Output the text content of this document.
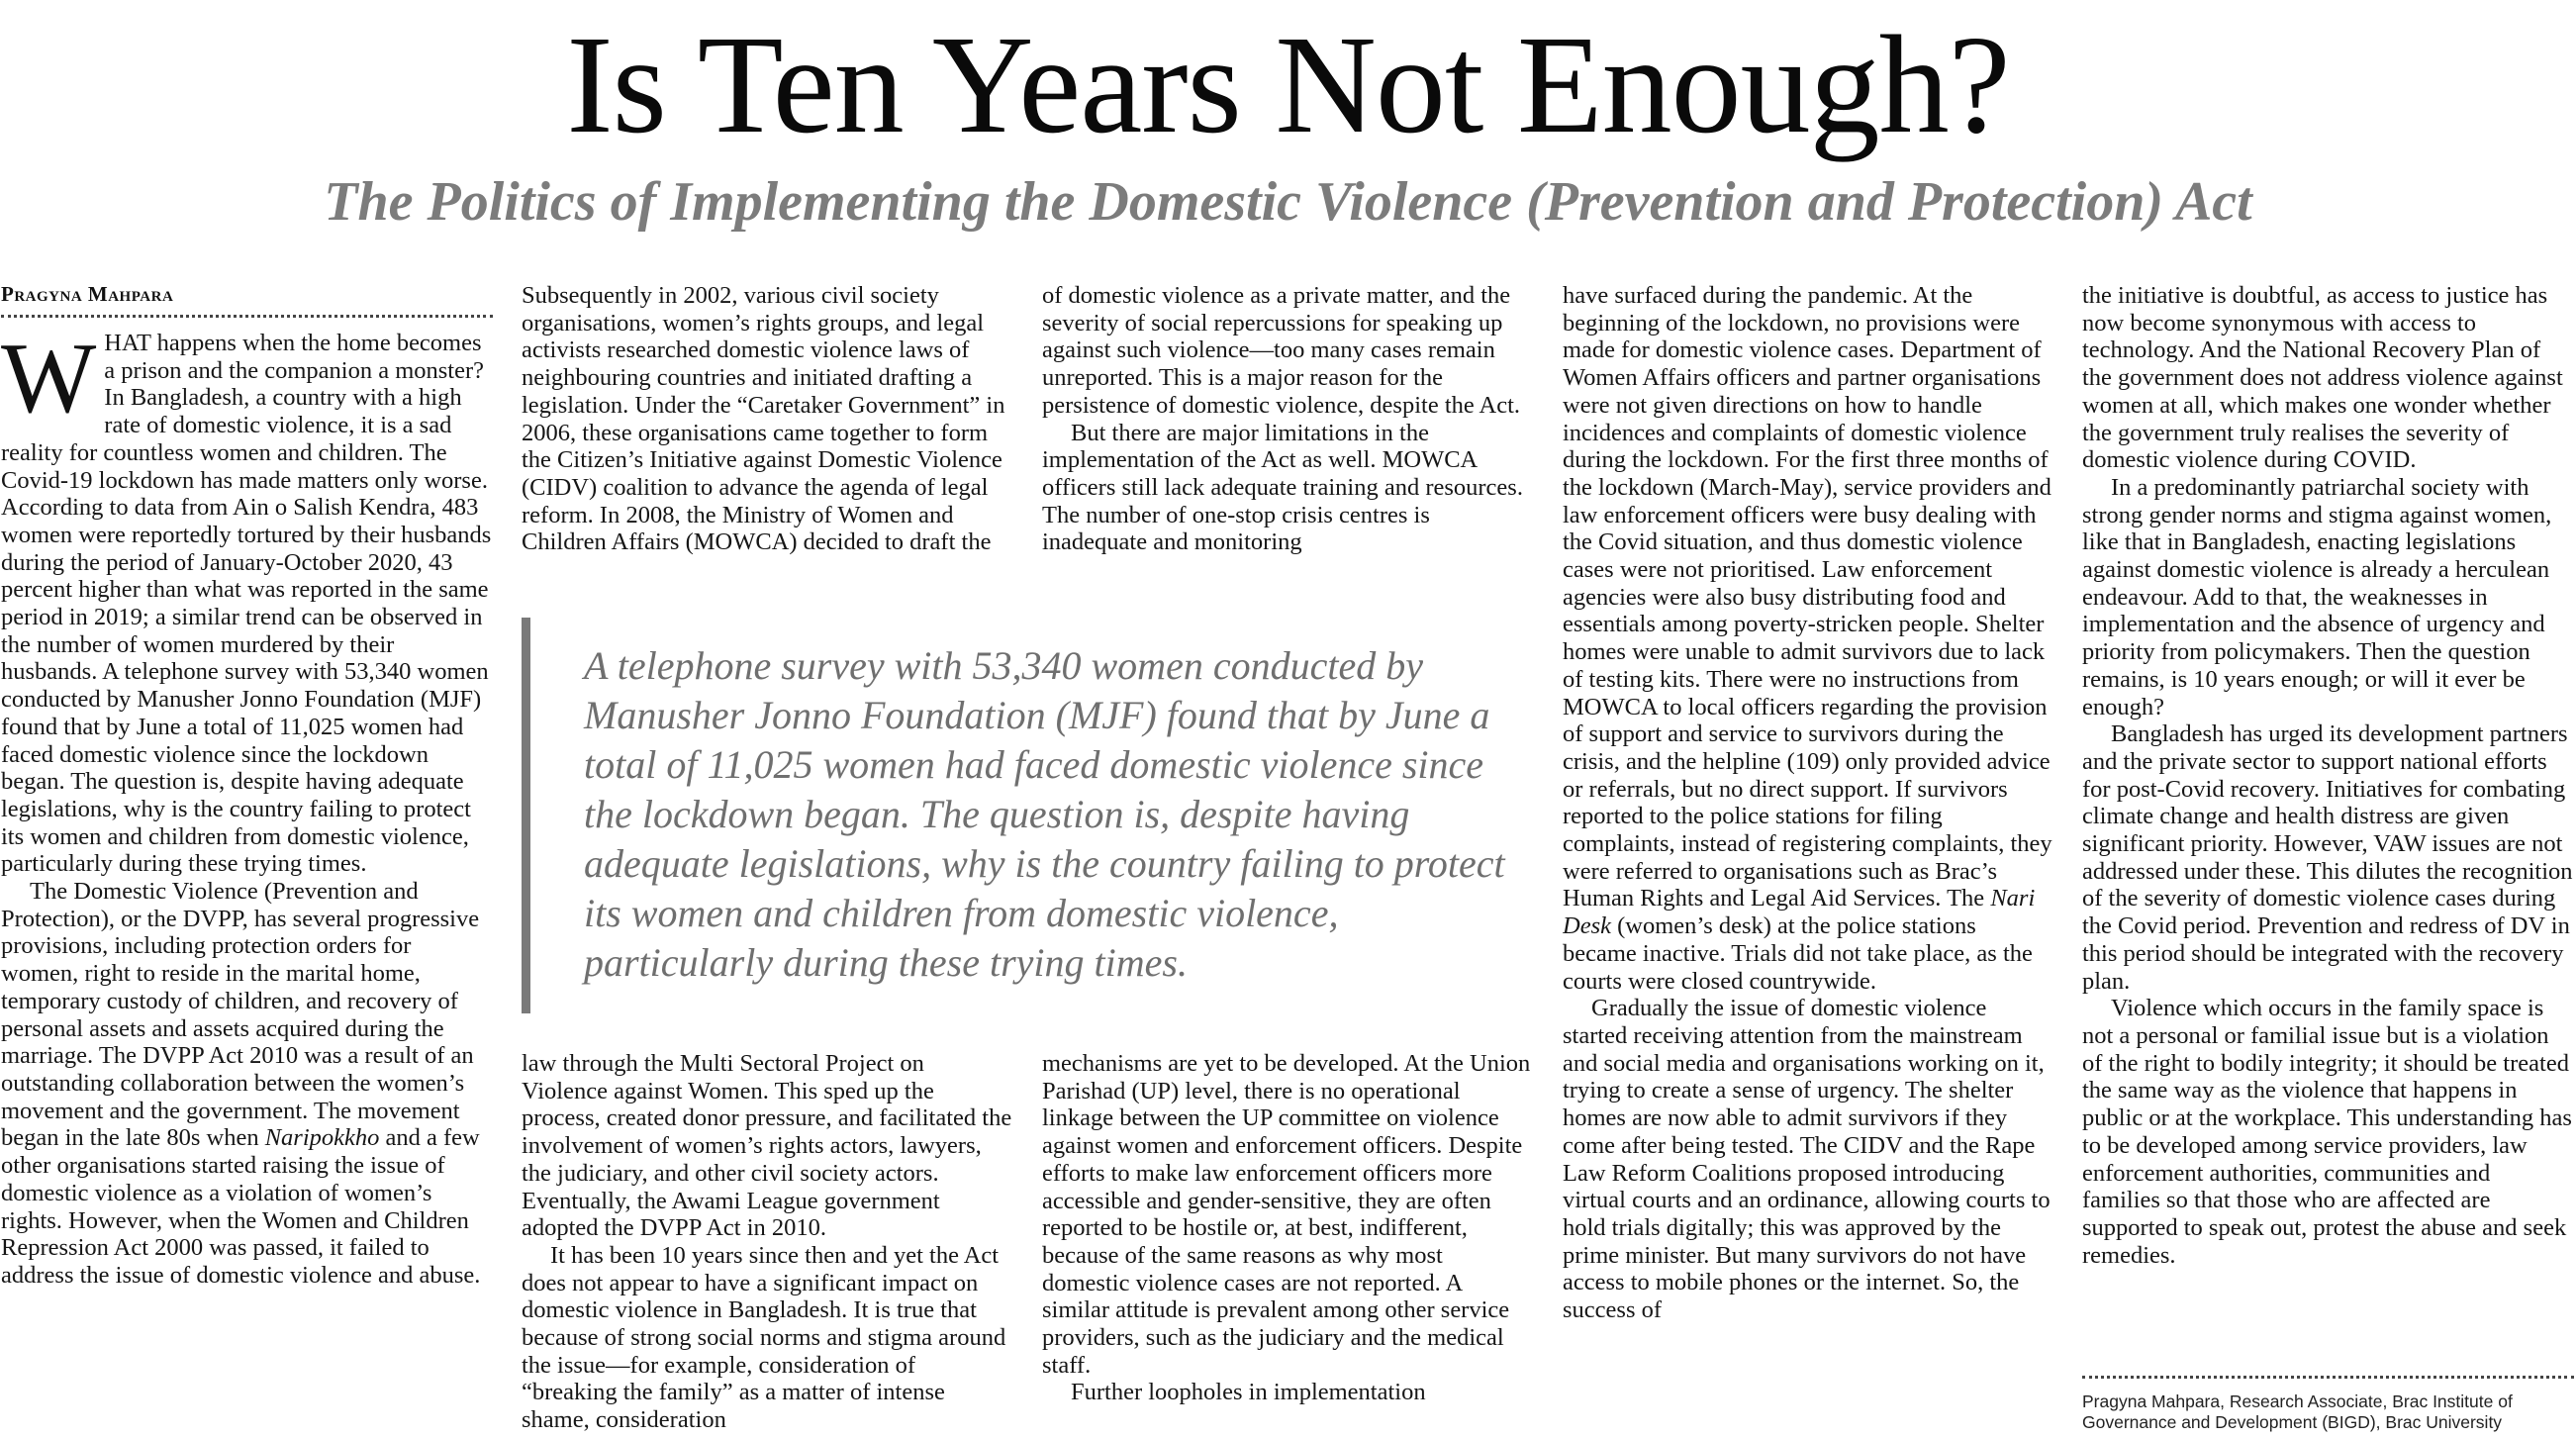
Is Ten Years Not Enough?
The Politics of Implementing the Domestic Violence (Prevention and Protection) Act
Pragyna Mahpara

WHAT happens when the home becomes a prison and the companion a monster? In Bangladesh, a country with a high rate of domestic violence, it is a sad reality for countless women and children. The Covid-19 lockdown has made matters only worse. According to data from Ain o Salish Kendra, 483 women were reportedly tortured by their husbands during the period of January-October 2020, 43 percent higher than what was reported in the same period in 2019; a similar trend can be observed in the number of women murdered by their husbands. A telephone survey with 53,340 women conducted by Manusher Jonno Foundation (MJF) found that by June a total of 11,025 women had faced domestic violence since the lockdown began. The question is, despite having adequate legislations, why is the country failing to protect its women and children from domestic violence, particularly during these trying times.

The Domestic Violence (Prevention and Protection), or the DVPP, has several progressive provisions, including protection orders for women, right to reside in the marital home, temporary custody of children, and recovery of personal assets and assets acquired during the marriage. The DVPP Act 2010 was a result of an outstanding collaboration between the women’s movement and the government. The movement began in the late 80s when Naripokkho and a few other organisations started raising the issue of domestic violence as a violation of women’s rights. However, when the Women and Children Repression Act 2000 was passed, it failed to address the issue of domestic violence and abuse.

Subsequently in 2002, various civil society organisations, women’s rights groups, and legal activists researched domestic violence laws of neighbouring countries and initiated drafting a legislation. Under the “Caretaker Government” in 2006, these organisations came together to form the Citizen’s Initiative against Domestic Violence (CIDV) coalition to advance the agenda of legal reform. In 2008, the Ministry of Women and Children Affairs (MOWCA) decided to draft the

of domestic violence as a private matter, and the severity of social repercussions for speaking up against such violence—too many cases remain unreported. This is a major reason for the persistence of domestic violence, despite the Act.

But there are major limitations in the implementation of the Act as well. MOWCA officers still lack adequate training and resources. The number of one-stop crisis centres is inadequate and monitoring

A telephone survey with 53,340 women conducted by Manusher Jonno Foundation (MJF) found that by June a total of 11,025 women had faced domestic violence since the lockdown began. The question is, despite having adequate legislations, why is the country failing to protect its women and children from domestic violence, particularly during these trying times.

law through the Multi Sectoral Project on Violence against Women. This sped up the process, created donor pressure, and facilitated the involvement of women’s rights actors, lawyers, the judiciary, and other civil society actors. Eventually, the Awami League government adopted the DVPP Act in 2010.

It has been 10 years since then and yet the Act does not appear to have a significant impact on domestic violence in Bangladesh. It is true that because of strong social norms and stigma around the issue—for example, consideration of “breaking the family” as a matter of intense shame, consideration

mechanisms are yet to be developed. At the Union Parishad (UP) level, there is no operational linkage between the UP committee on violence against women and enforcement officers. Despite efforts to make law enforcement officers more accessible and gender-sensitive, they are often reported to be hostile or, at best, indifferent, because of the same reasons as why most domestic violence cases are not reported. A similar attitude is prevalent among other service providers, such as the judiciary and the medical staff.

Further loopholes in implementation

have surfaced during the pandemic. At the beginning of the lockdown, no provisions were made for domestic violence cases. Department of Women Affairs officers and partner organisations were not given directions on how to handle incidences and complaints of domestic violence during the lockdown. For the first three months of the lockdown (March-May), service providers and law enforcement officers were busy dealing with the Covid situation, and thus domestic violence cases were not prioritised. Law enforcement agencies were also busy distributing food and essentials among poverty-stricken people. Shelter homes were unable to admit survivors due to lack of testing kits. There were no instructions from MOWCA to local officers regarding the provision of support and service to survivors during the crisis, and the helpline (109) only provided advice or referrals, but no direct support. If survivors reported to the police stations for filing complaints, instead of registering complaints, they were referred to organisations such as Brac’s Human Rights and Legal Aid Services. The Nari Desk (women’s desk) at the police stations became inactive. Trials did not take place, as the courts were closed countrywide.

Gradually the issue of domestic violence started receiving attention from the mainstream and social media and organisations working on it, trying to create a sense of urgency. The shelter homes are now able to admit survivors if they come after being tested. The CIDV and the Rape Law Reform Coalitions proposed introducing virtual courts and an ordinance, allowing courts to hold trials digitally; this was approved by the prime minister. But many survivors do not have access to mobile phones or the internet. So, the success of

the initiative is doubtful, as access to justice has now become synonymous with access to technology. And the National Recovery Plan of the government does not address violence against women at all, which makes one wonder whether the government truly realises the severity of domestic violence during COVID.

In a predominantly patriarchal society with strong gender norms and stigma against women, like that in Bangladesh, enacting legislations against domestic violence is already a herculean endeavour. Add to that, the weaknesses in implementation and the absence of urgency and priority from policymakers. Then the question remains, is 10 years enough; or will it ever be enough?

Bangladesh has urged its development partners and the private sector to support national efforts for post-Covid recovery. Initiatives for combating climate change and health distress are given significant priority. However, VAW issues are not addressed under these. This dilutes the recognition of the severity of domestic violence cases during the Covid period. Prevention and redress of DV in this period should be integrated with the recovery plan.

Violence which occurs in the family space is not a personal or familial issue but is a violation of the right to bodily integrity; it should be treated the same way as the violence that happens in public or at the workplace. This understanding has to be developed among service providers, law enforcement authorities, communities and families so that those who are affected are supported to speak out, protest the abuse and seek remedies.

Pragyna Mahpara, Research Associate, Brac Institute of Governance and Development (BIGD), Brac University
